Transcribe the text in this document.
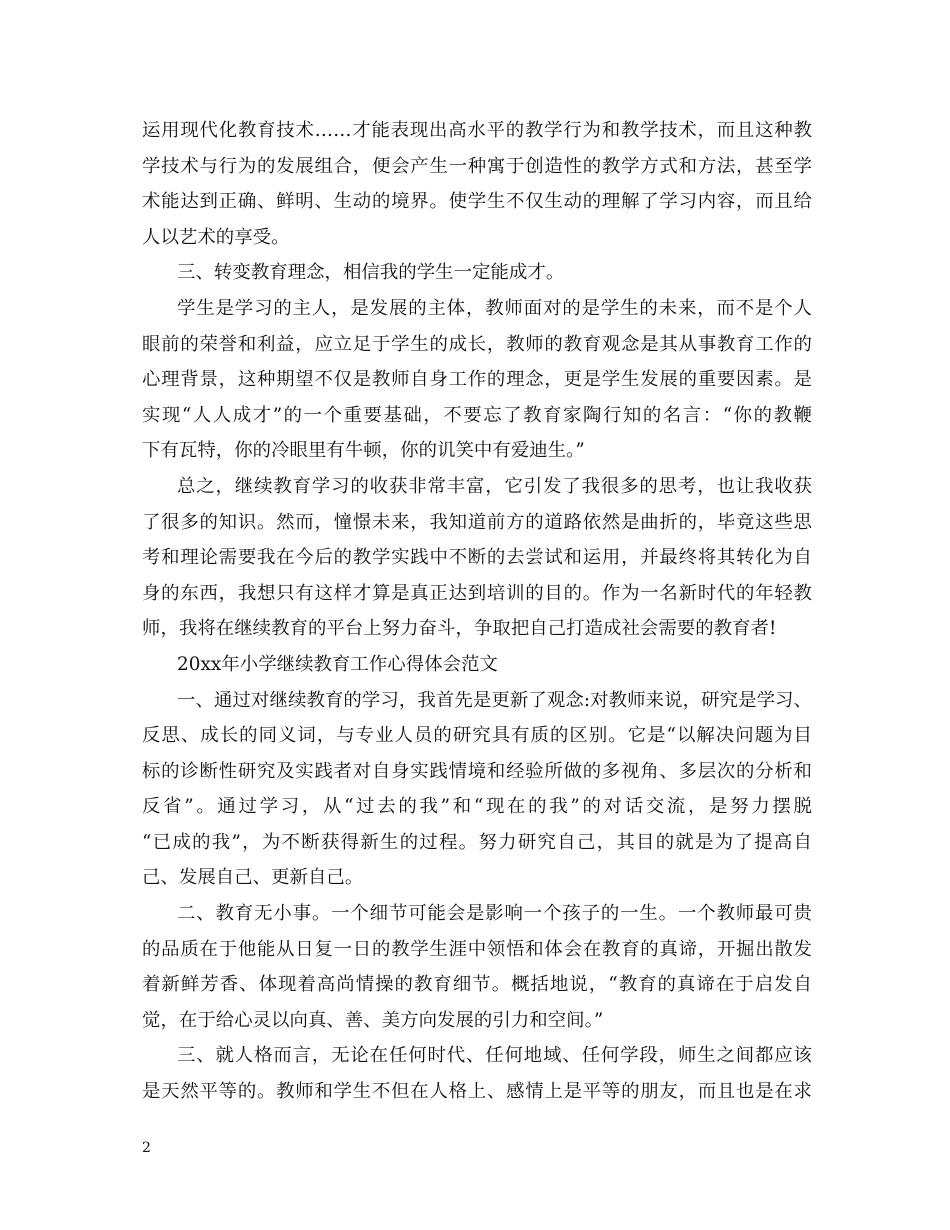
运用现代化教育技术……才能表现出高水平的教学行为和教学技术，而且这种教
学技术与行为的发展组合，便会产生一种寓于创造性的教学方式和方法，甚至学
术能达到正确、鲜明、生动的境界。使学生不仅生动的理解了学习内容，而且给
人以艺术的享受。
三、转变教育理念，相信我的学生一定能成才。
学生是学习的主人，是发展的主体，教师面对的是学生的未来，而不是个人
眼前的荣誉和利益，应立足于学生的成长，教师的教育观念是其从事教育工作的
心理背景，这种期望不仅是教师自身工作的理念，更是学生发展的重要因素。是
实现“人人成才”的一个重要基础，不要忘了教育家陶行知的名言：“你的教鞭
下有瓦特，你的冷眼里有牛顿，你的讥笑中有爱迪生。”
总之，继续教育学习的收获非常丰富，它引发了我很多的思考，也让我收获
了很多的知识。然而，憧憬未来，我知道前方的道路依然是曲折的，毕竟这些思
考和理论需要我在今后的教学实践中不断的去尝试和运用，并最终将其转化为自
身的东西，我想只有这样才算是真正达到培训的目的。作为一名新时代的年轻教
师，我将在继续教育的平台上努力奋斗，争取把自己打造成社会需要的教育者!
20xx年小学继续教育工作心得体会范文
一、通过对继续教育的学习，我首先是更新了观念:对教师来说，研究是学习、
反思、成长的同义词，与专业人员的研究具有质的区别。它是“以解决问题为目
标的诊断性研究及实践者对自身实践情境和经验所做的多视角、多层次的分析和
反省”。通过学习，从“过去的我”和“现在的我”的对话交流，是努力摆脱
“已成的我”，为不断获得新生的过程。努力研究自己，其目的就是为了提高自
己、发展自己、更新自己。
二、教育无小事。一个细节可能会是影响一个孩子的一生。一个教师最可贵
的品质在于他能从日复一日的教学生涯中领悟和体会在教育的真谛，开掘出散发
着新鲜芳香、体现着高尚情操的教育细节。概括地说，“教育的真谛在于启发自
觉，在于给心灵以向真、善、美方向发展的引力和空间。”
三、就人格而言，无论在任何时代、任何地域、任何学段，师生之间都应该
是天然平等的。教师和学生不但在人格上、感情上是平等的朋友，而且也是在求
2
